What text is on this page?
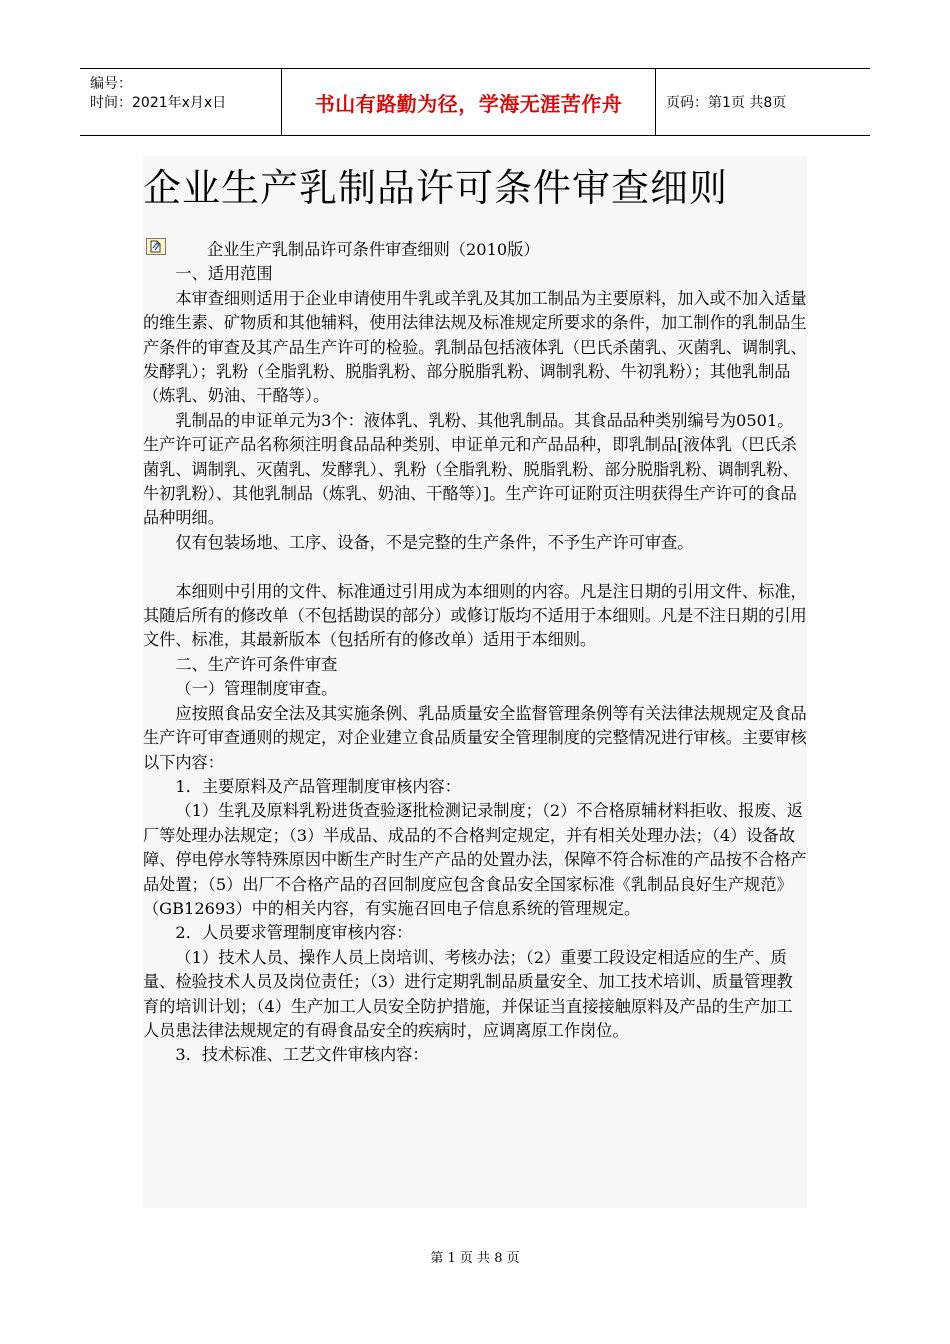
编号：
时间：2021年x月x日	书山有路勤为径，学海无涯苦作舟	页码：第1页 共8页
企业生产乳制品许可条件审查细则

企业生产乳制品许可条件审查细则（2010版）

一、适用范围

本审查细则适用于企业申请使用牛乳或羊乳及其加工制品为主要原料，加入或不加入适量的维生素、矿物质和其他辅料，使用法律法规及标准规定所要求的条件，加工制作的乳制品生产条件的审查及其产品生产许可的检验。乳制品包括液体乳（巴氏杀菌乳、灭菌乳、调制乳、发酵乳）；乳粉（全脂乳粉、脱脂乳粉、部分脱脂乳粉、调制乳粉、牛初乳粉）；其他乳制品（炼乳、奶油、干酪等）。

乳制品的申证单元为3个：液体乳、乳粉、其他乳制品。其食品品种类别编号为0501。生产许可证产品名称须注明食品品种类别、申证单元和产品品种，即乳制品[液体乳（巴氏杀菌乳、调制乳、灭菌乳、发酵乳）、乳粉（全脂乳粉、脱脂乳粉、部分脱脂乳粉、调制乳粉、牛初乳粉）、其他乳制品（炼乳、奶油、干酪等）]。生产许可证附页注明获得生产许可的食品品种明细。

仅有包装场地、工序、设备，不是完整的生产条件，不予生产许可审查。

本细则中引用的文件、标准通过引用成为本细则的内容。凡是注日期的引用文件、标准，其随后所有的修改单（不包括勘误的部分）或修订版均不适用于本细则。凡是不注日期的引用文件、标准，其最新版本（包括所有的修改单）适用于本细则。

二、生产许可条件审查

（一）管理制度审查。

应按照食品安全法及其实施条例、乳品质量安全监督管理条例等有关法律法规规定及食品生产许可审查通则的规定，对企业建立食品质量安全管理制度的完整情况进行审核。主要审核以下内容：

1．主要原料及产品管理制度审核内容：

（1）生乳及原料乳粉进货查验逐批检测记录制度；（2）不合格原辅材料拒收、报废、返厂等处理办法规定；（3）半成品、成品的不合格判定规定，并有相关处理办法；（4）设备故障、停电停水等特殊原因中断生产时生产产品的处置办法，保障不符合标准的产品按不合格产品处置；（5）出厂不合格产品的召回制度应包含食品安全国家标准《乳制品良好生产规范》（GB12693）中的相关内容，有实施召回电子信息系统的管理规定。

2．人员要求管理制度审核内容：

（1）技术人员、操作人员上岗培训、考核办法；（2）重要工段设定相适应的生产、质量、检验技术人员及岗位责任；（3）进行定期乳制品质量安全、加工技术培训、质量管理教育的培训计划；（4）生产加工人员安全防护措施，并保证当直接接触原料及产品的生产加工人员患法律法规规定的有碍食品安全的疾病时，应调离原工作岗位。

3．技术标准、工艺文件审核内容：

第 1 页 共 8 页
